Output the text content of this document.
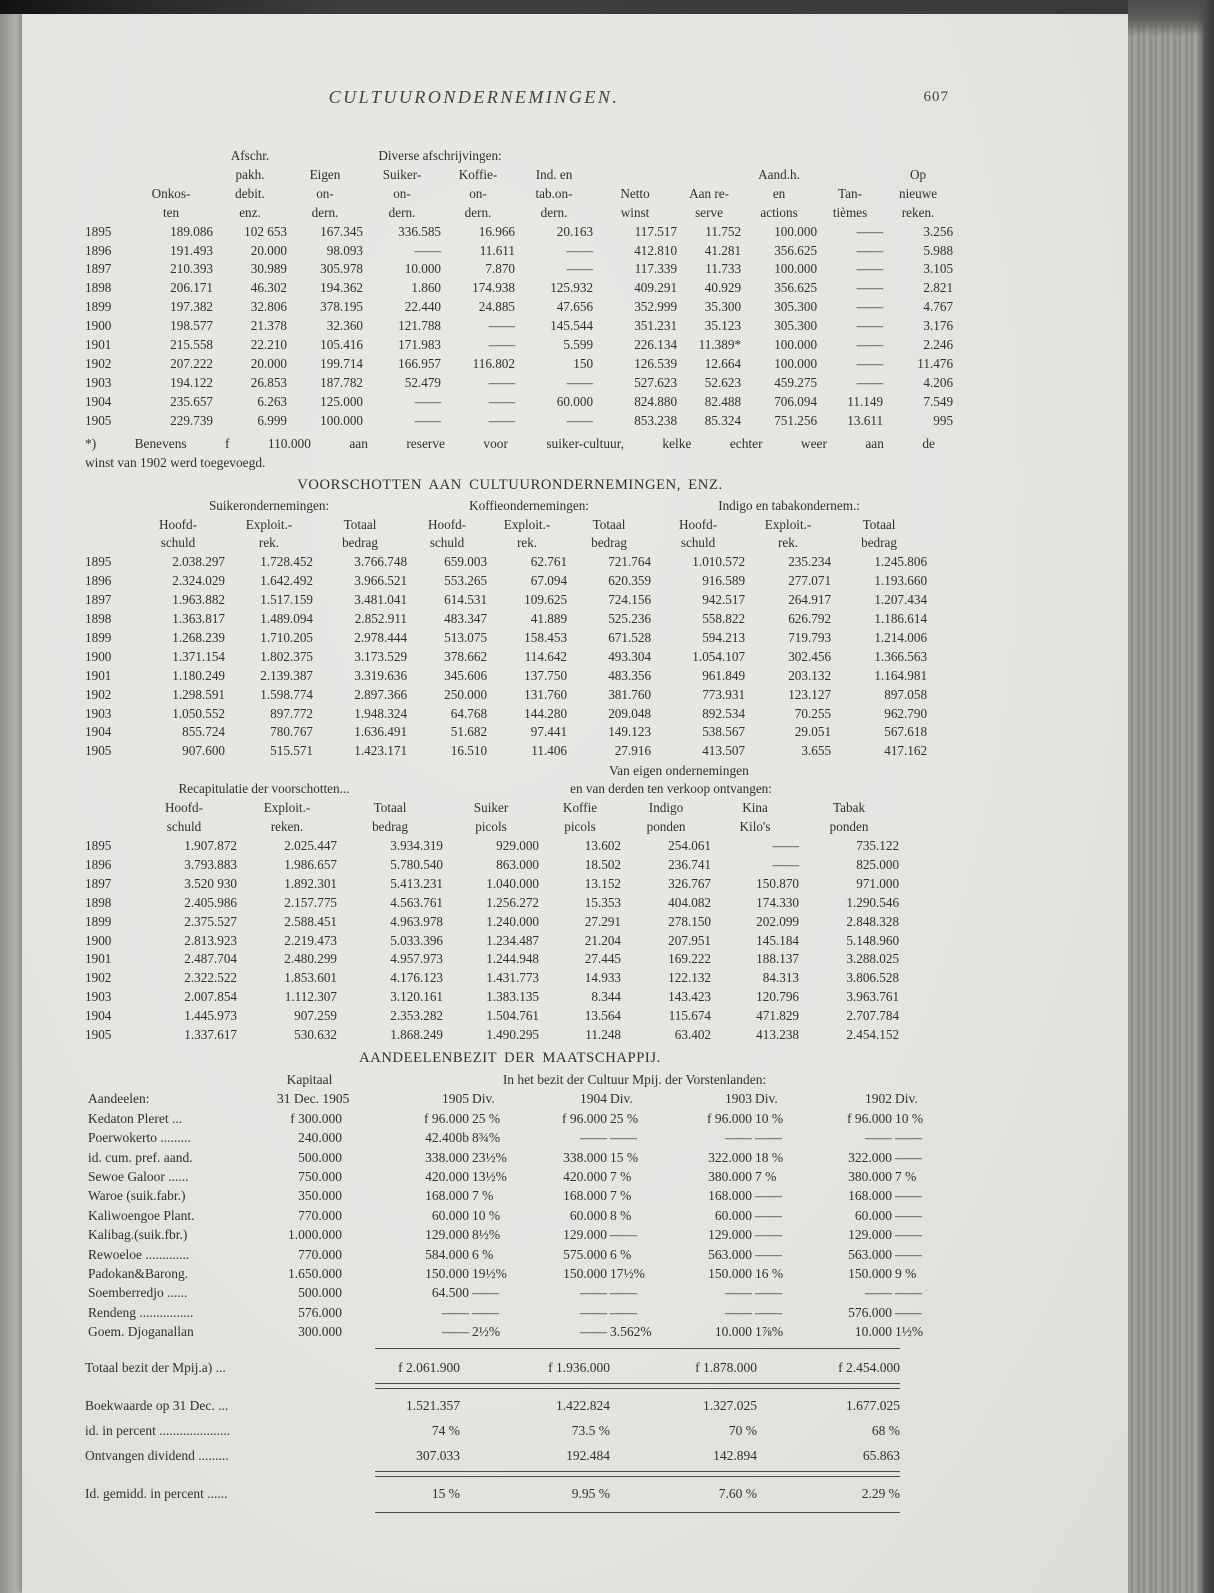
CULTUURONDERNEMINGEN.	607
		Afschr.	Diverse afschrijvingen:								
		pakh.	Eigen	Suiker-	Koffie-	Ind. en			Aand.h.		Op
	Onkos-	debit.	on-	on-	on-	tab.on-	Netto	Aan re-	en	Tan-	nieuwe
	ten	enz.	dern.	dern.	dern.	dern.	winst	serve	actions	tièmes	reken.
1895	189.086	102 653	167.345	336.585	16.966	20.163	117.517	11.752	100.000	——	3.256
1896	191.493	20.000	98.093	——	11.611	——	412.810	41.281	356.625	——	5.988
1897	210.393	30.989	305.978	10.000	7.870	——	117.339	11.733	100.000	——	3.105
1898	206.171	46.302	194.362	1.860	174.938	125.932	409.291	40.929	356.625	——	2.821
1899	197.382	32.806	378.195	22.440	24.885	47.656	352.999	35.300	305.300	——	4.767
1900	198.577	21.378	32.360	121.788	——	145.544	351.231	35.123	305.300	——	3.176
1901	215.558	22.210	105.416	171.983	——	5.599	226.134	11.389*	100.000	——	2.246
1902	207.222	20.000	199.714	166.957	116.802	150	126.539	12.664	100.000	——	11.476
1903	194.122	26.853	187.782	52.479	——	——	527.623	52.623	459.275	——	4.206
1904	235.657	6.263	125.000	——	——	60.000	824.880	82.488	706.094	11.149	7.549
1905	229.739	6.999	100.000	——	——	——	853.238	85.324	751.256	13.611	995
*) Benevens f 110.000 aan reserve voor suiker-cultuur, kelke echter weer aan de
winst van 1902 werd toegevoegd.
VOORSCHOTTEN AAN CULTUURONDERNEMINGEN, ENZ.
	Suikerondernemingen:			Koffieondernemingen:			Indigo en tabakondernem.:		
	Hoofd-	Exploit.-	Totaal	Hoofd-	Exploit.-	Totaal	Hoofd-	Exploit.-	Totaal
	schuld	rek.	bedrag	schuld	rek.	bedrag	schuld	rek.	bedrag
1895	2.038.297	1.728.452	3.766.748	659.003	62.761	721.764	1.010.572	235.234	1.245.806
1896	2.324.029	1.642.492	3.966.521	553.265	67.094	620.359	916.589	277.071	1.193.660
1897	1.963.882	1.517.159	3.481.041	614.531	109.625	724.156	942.517	264.917	1.207.434
1898	1.363.817	1.489.094	2.852.911	483.347	41.889	525.236	558.822	626.792	1.186.614
1899	1.268.239	1.710.205	2.978.444	513.075	158.453	671.528	594.213	719.793	1.214.006
1900	1.371.154	1.802.375	3.173.529	378.662	114.642	493.304	1.054.107	302.456	1.366.563
1901	1.180.249	2.139.387	3.319.636	345.606	137.750	483.356	961.849	203.132	1.164.981
1902	1.298.591	1.598.774	2.897.366	250.000	131.760	381.760	773.931	123.127	897.058
1903	1.050.552	897.772	1.948.324	64.768	144.280	209.048	892.534	70.255	962.790
1904	855.724	780.767	1.636.491	51.682	97.441	149.123	538.567	29.051	567.618
1905	907.600	515.571	1.423.171	16.510	11.406	27.916	413.507	3.655	417.162
Van eigen ondernemingen
Recapitulatie der voorschotten...				en van derden ten verkoop ontvangen:				
	Hoofd-	Exploit.-	Totaal	Suiker	Koffie	Indigo	Kina	Tabak
	schuld	reken.	bedrag	picols	picols	ponden	Kilo's	ponden
1895	1.907.872	2.025.447	3.934.319	929.000	13.602	254.061	——	735.122
1896	3.793.883	1.986.657	5.780.540	863.000	18.502	236.741	——	825.000
1897	3.520 930	1.892.301	5.413.231	1.040.000	13.152	326.767	150.870	971.000
1898	2.405.986	2.157.775	4.563.761	1.256.272	15.353	404.082	174.330	1.290.546
1899	2.375.527	2.588.451	4.963.978	1.240.000	27.291	278.150	202.099	2.848.328
1900	2.813.923	2.219.473	5.033.396	1.234.487	21.204	207.951	145.184	5.148.960
1901	2.487.704	2.480.299	4.957.973	1.244.948	27.445	169.222	188.137	3.288.025
1902	2.322.522	1.853.601	4.176.123	1.431.773	14.933	122.132	84.313	3.806.528
1903	2.007.854	1.112.307	3.120.161	1.383.135	8.344	143.423	120.796	3.963.761
1904	1.445.973	907.259	2.353.282	1.504.761	13.564	115.674	471.829	2.707.784
1905	1.337.617	530.632	1.868.249	1.490.295	11.248	63.402	413.238	2.454.152
AANDEELENBEZIT DER MAATSCHAPPIJ.
	Kapitaal	In het bezit der Cultuur Mpij. der Vorstenlanden:							
Aandeelen:	31 Dec. 1905	1905	Div.	1904	Div.	1903	Div.	1902	Div.
Kedaton Pleret ...	f 300.000	f 96.000	25 %	f 96.000	25 %	f 96.000	10 %	f 96.000	10 %
Poerwokerto .........	240.000	42.400b	8¾%	——	——	——	——	——	——
id. cum. pref. aand.	500.000	338.000	23½%	338.000	15 %	322.000	18 %	322.000	——
Sewoe Galoor ......	750.000	420.000	13½%	420.000	7 %	380.000	7 %	380.000	7 %
Waroe (suik.fabr.)	350.000	168.000	7 %	168.000	7 %	168.000	——	168.000	——
Kaliwoengoe Plant.	770.000	60.000	10 %	60.000	8 %	60.000	——	60.000	——
Kalibag.(suik.fbr.)	1.000.000	129.000	8½%	129.000	——	129.000	——	129.000	——
Rewoeloe .............	770.000	584.000	6 %	575.000	6 %	563.000	——	563.000	——
Padokan&Barong.	1.650.000	150.000	19½%	150.000	17½%	150.000	16 %	150.000	9 %
Soemberredjo ......	500.000	64.500	——	——	——	——	——	——	——
Rendeng ................	576.000	——	——	——	——	——	——	576.000	——
Goem. Djoganallan	300.000	——	2½%	——	3.562%	10.000	1⅞%	10.000	1½%

Totaal bezit der Mpij.a) ...	f 2.061.900	f 1.936.000	f 1.878.000	f 2.454.000

Boekwaarde op 31 Dec. ...	1.521.357	1.422.824	1.327.025	1.677.025
id. in percent .....................	74 %	73.5 %	70 %	68 %
Ontvangen dividend .........	307.033	192.484	142.894	65.863

Id. gemidd. in percent ......	15 %	9.95 %	7.60 %	2.29 %
